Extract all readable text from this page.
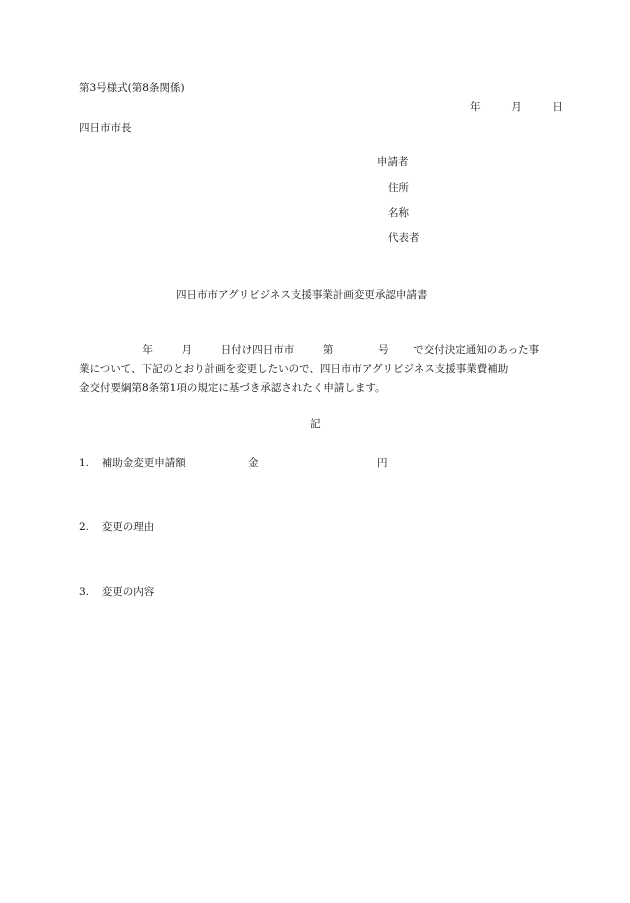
第3号様式(第8条関係)
年	月	日
四日市市長
申請者
住所
名称
代表者
四日市市アグリビジネス支援事業計画変更承認申請書
年	月	日付け四日市市	第	号 で交付決定通知のあった事
業について、下記のとおり計画を変更したいので、四日市市アグリビジネス支援事業費補助
金交付要綱第8条第1項の規定に基づき承認されたく申請します。
記
1. 補助金変更申請額	金	円
2. 変更の理由
3. 変更の内容
